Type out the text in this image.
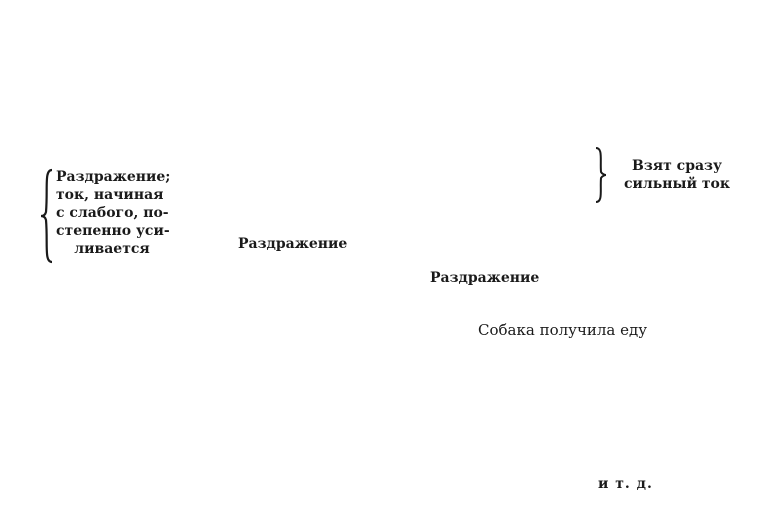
Раздражение;
ток, начиная
с слабого, по-
степенно уси-
ливается	Раздражение
Раздражение
Взят сразу
сильный ток
Собака получила еду
и т. д.
